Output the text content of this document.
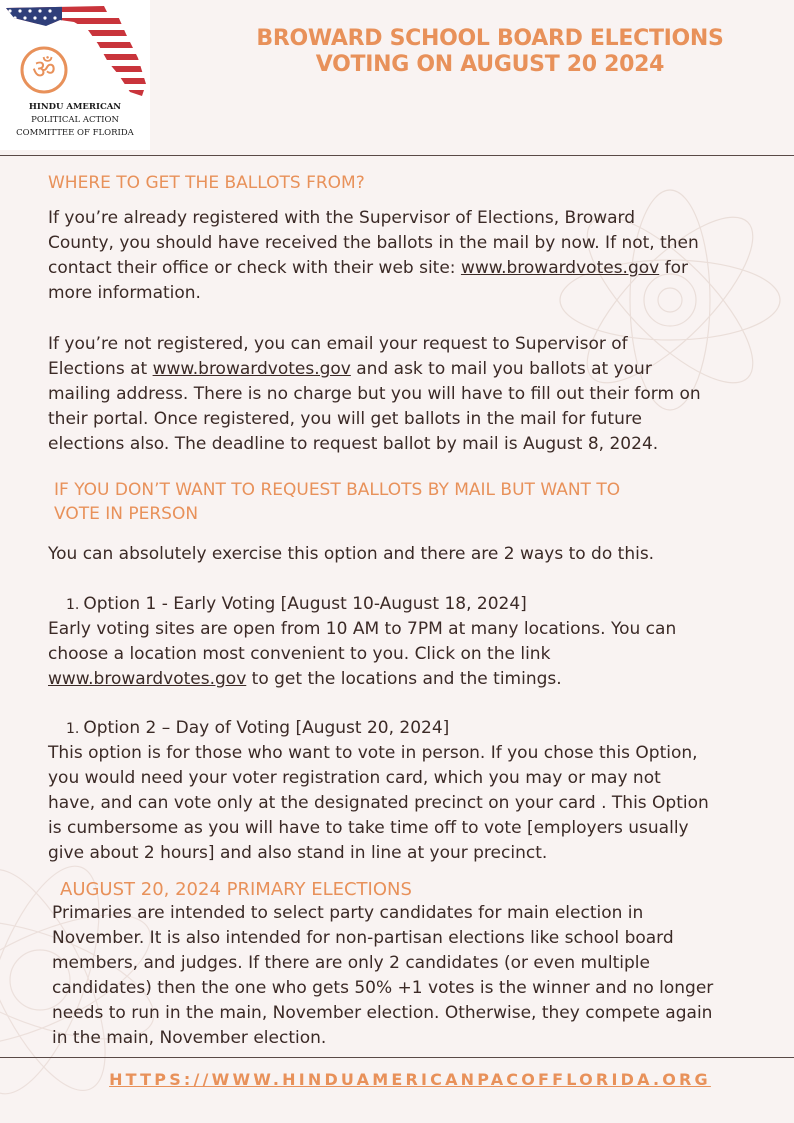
ॐ
HINDU AMERICAN
POLITICAL ACTION
COMMITTEE OF FLORIDA
BROWARD SCHOOL BOARD ELECTIONS
VOTING ON AUGUST 20 2024
WHERE TO GET THE BALLOTS FROM?
If you’re already registered with the Supervisor of Elections, Broward
County, you should have received the ballots in the mail by now. If not, then
contact their office or check with their web site: www.browardvotes.gov for
more information.
If you’re not registered, you can email your request to Supervisor of
Elections at www.browardvotes.gov and ask to mail you ballots at your
mailing address. There is no charge but you will have to fill out their form on
their portal. Once registered, you will get ballots in the mail for future
elections also. The deadline to request ballot by mail is August 8, 2024.
IF YOU DON’T WANT TO REQUEST BALLOTS BY MAIL BUT WANT TO
VOTE IN PERSON
You can absolutely exercise this option and there are 2 ways to do this.
1. Option 1 - Early Voting [August 10-August 18, 2024]
Early voting sites are open from 10 AM to 7PM at many locations. You can
choose a location most convenient to you. Click on the link
www.browardvotes.gov to get the locations and the timings.
1. Option 2 – Day of Voting [August 20, 2024]
This option is for those who want to vote in person. If you chose this Option,
you would need your voter registration card, which you may or may not
have, and can vote only at the designated precinct on your card . This Option
is cumbersome as you will have to take time off to vote [employers usually
give about 2 hours] and also stand in line at your precinct.
AUGUST 20, 2024 PRIMARY ELECTIONS
Primaries are intended to select party candidates for main election in
November. It is also intended for non-partisan elections like school board
members, and judges. If there are only 2 candidates (or even multiple
candidates) then the one who gets 50% +1 votes is the winner and no longer
needs to run in the main, November election. Otherwise, they compete again
in the main, November election.
HTTPS://WWW.HINDUAMERICANPACOFFLORIDA.ORG
